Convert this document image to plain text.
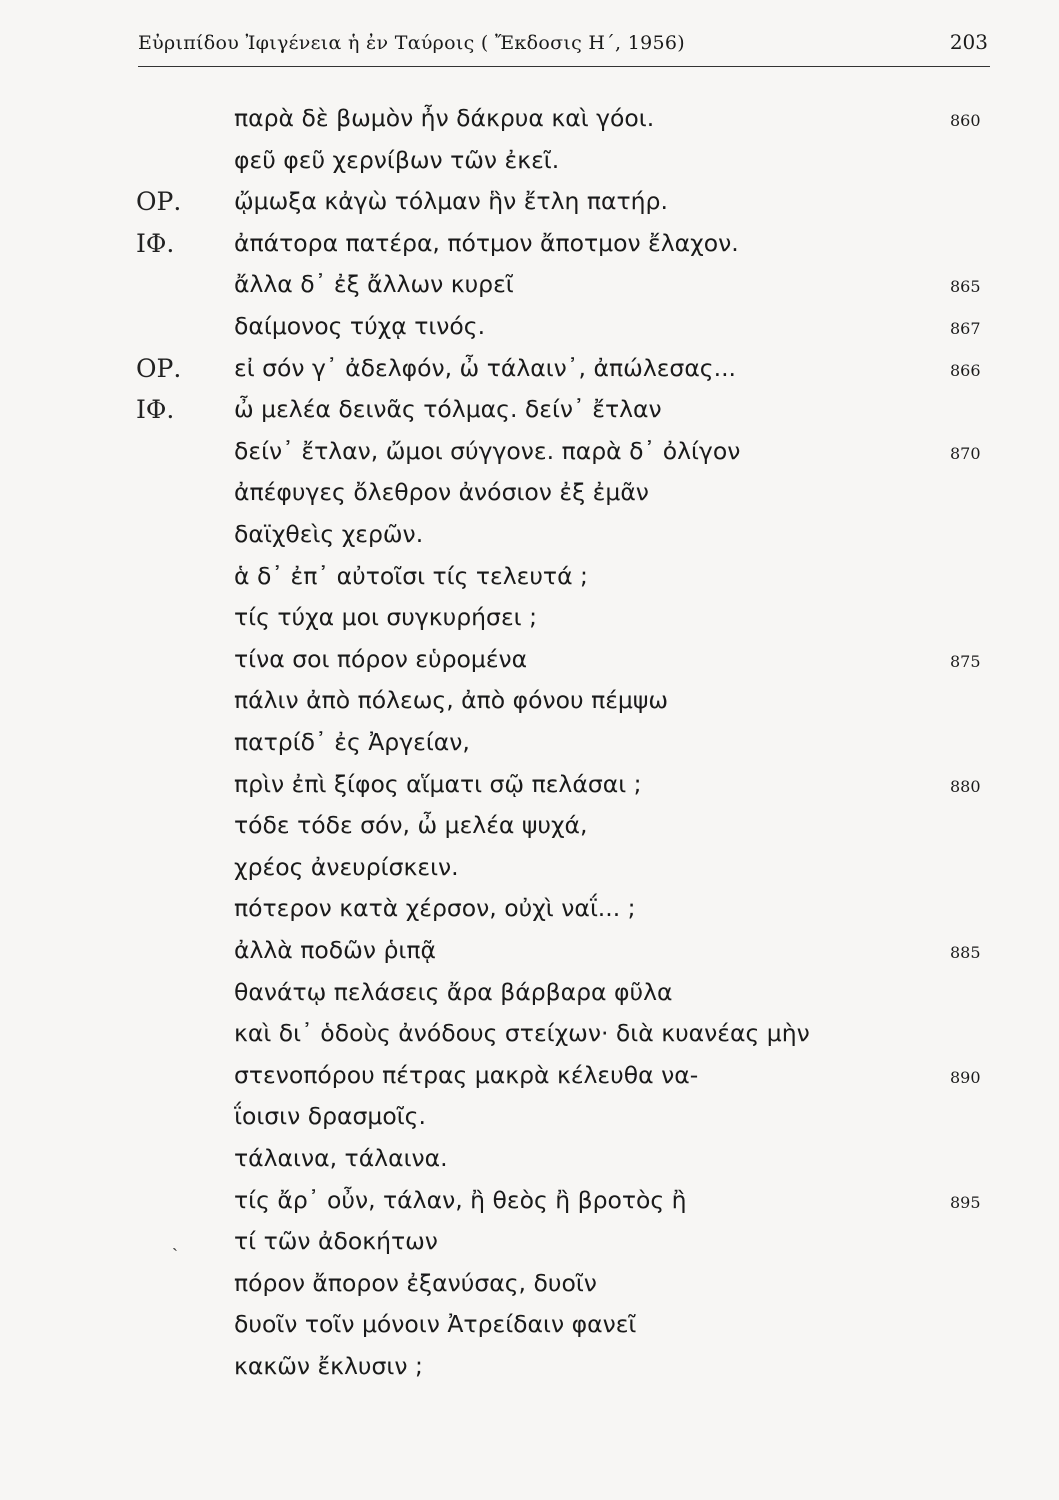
Εὐριπίδου Ἰφιγένεια ἡ ἐν Ταύροις ( Ἔκδοσις Η΄, 1956)	203
παρὰ δὲ βωμὸν ἦν δάκρυα καὶ γόοι.	860
φεῦ φεῦ χερνίβων τῶν ἐκεῖ.
ΟΡ. ᾤμωξα κἀγὼ τόλμαν ἣν ἔτλη πατήρ.
ΙΦ.	ἀπάτορα πατέρα, πότμον ἄποτμον ἔλαχον.
ἄλλα δ᾽ ἐξ ἄλλων κυρεῖ	865
δαίμονος τύχᾳ τινός.	867
ΟΡ. εἰ σόν γ᾽ ἀδελφόν, ὦ τάλαιν᾽, ἀπώλεσας...	866
ΙΦ.	ὦ μελέα δεινᾶς τόλμας. δείν᾽ ἔτλαν
δείν᾽ ἔτλαν, ὤμοι σύγγονε. παρὰ δ᾽ ὀλίγον	870
ἀπέφυγες ὄλεθρον ἀνόσιον ἐξ ἐμᾶν
δαϊχθεὶς χερῶν.
ἁ δ᾽ ἐπ᾽ αὐτοῖσι τίς τελευτά ;
τίς τύχα μοι συγκυρήσει ;
τίνα σοι πόρον εὑρομένα	875
πάλιν ἀπὸ πόλεως, ἀπὸ φόνου πέμψω
πατρίδ᾽ ἐς Ἀργείαν,
πρὶν ἐπὶ ξίφος αἵματι σῷ πελάσαι ;	880
τόδε τόδε σόν, ὦ μελέα ψυχά,
χρέος ἀνευρίσκειν.
πότερον κατὰ χέρσον, οὐχὶ ναΐ... ;
ἀλλὰ ποδῶν ῥιπᾷ	885
θανάτῳ πελάσεις ἄρα βάρβαρα φῦλα
καὶ δι᾽ ὁδοὺς ἀνόδους στείχων· διὰ κυανέας μὴν
στενοπόρου πέτρας μακρὰ κέλευθα να-	890
ΐοισιν δρασμοῖς.
τάλαινα, τάλαινα.
τίς ἄρ᾽ οὖν, τάλαν, ἢ θεὸς ἢ βροτὸς ἢ	895
ˎ τί τῶν ἀδοκήτων
πόρον ἄπορον ἐξανύσας, δυοῖν
δυοῖν τοῖν μόνοιν Ἀτρείδαιν φανεῖ
κακῶν ἔκλυσιν ;
